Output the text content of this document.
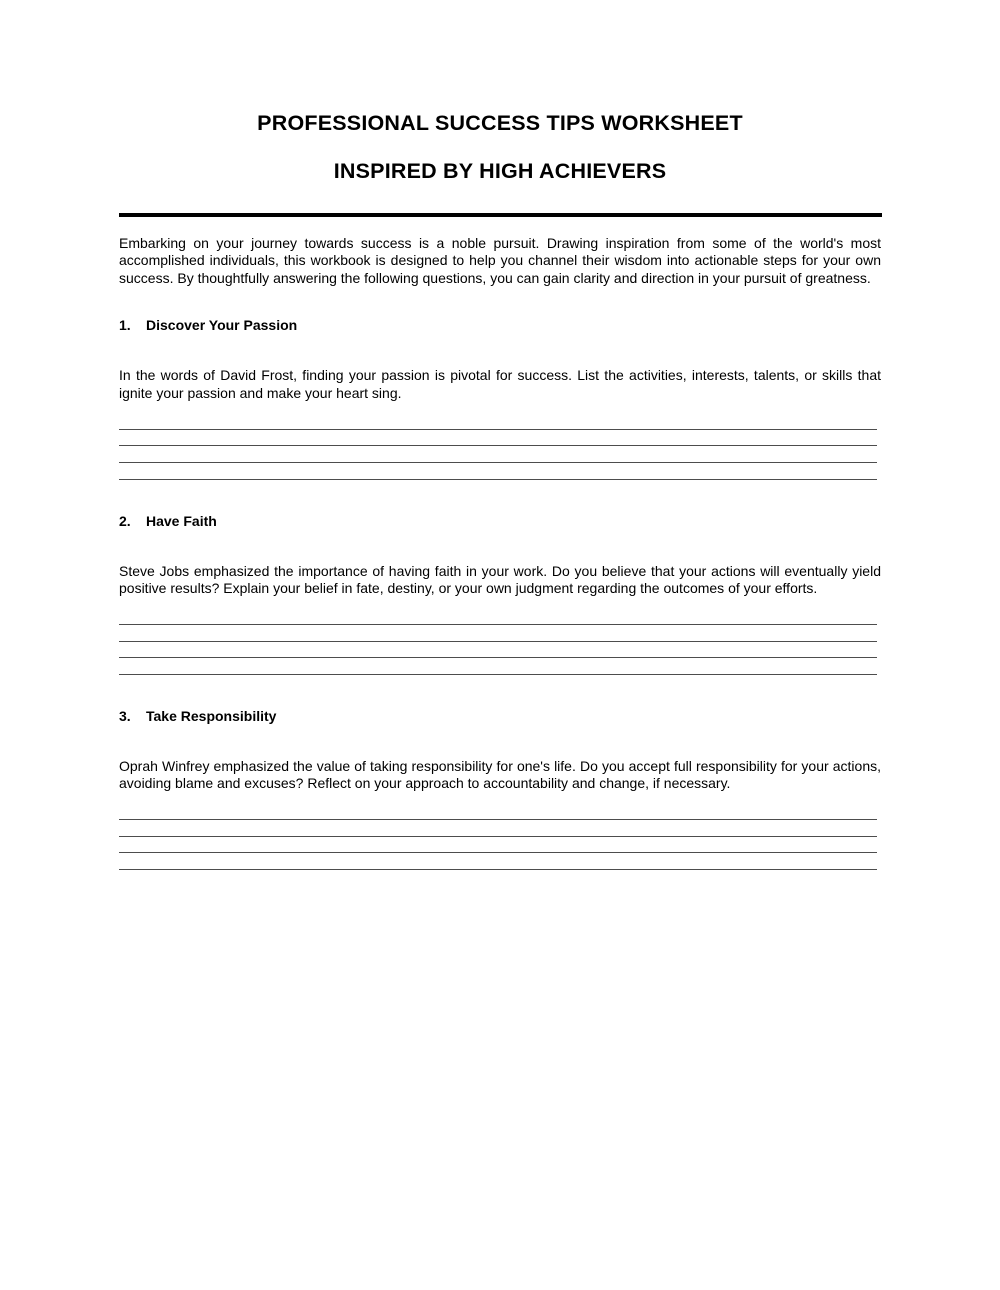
PROFESSIONAL SUCCESS TIPS WORKSHEET
INSPIRED BY HIGH ACHIEVERS

Embarking on your journey towards success is a noble pursuit. Drawing inspiration from some of the world's most accomplished individuals, this workbook is designed to help you channel their wisdom into actionable steps for your own success. By thoughtfully answering the following questions, you can gain clarity and direction in your pursuit of greatness.

1.	Discover Your Passion

In the words of David Frost, finding your passion is pivotal for success. List the activities, interests, talents, or skills that ignite your passion and make your heart sing.

2.	Have Faith

Steve Jobs emphasized the importance of having faith in your work. Do you believe that your actions will eventually yield positive results? Explain your belief in fate, destiny, or your own judgment regarding the outcomes of your efforts.

3.	Take Responsibility

Oprah Winfrey emphasized the value of taking responsibility for one's life. Do you accept full responsibility for your actions, avoiding blame and excuses? Reflect on your approach to accountability and change, if necessary.
